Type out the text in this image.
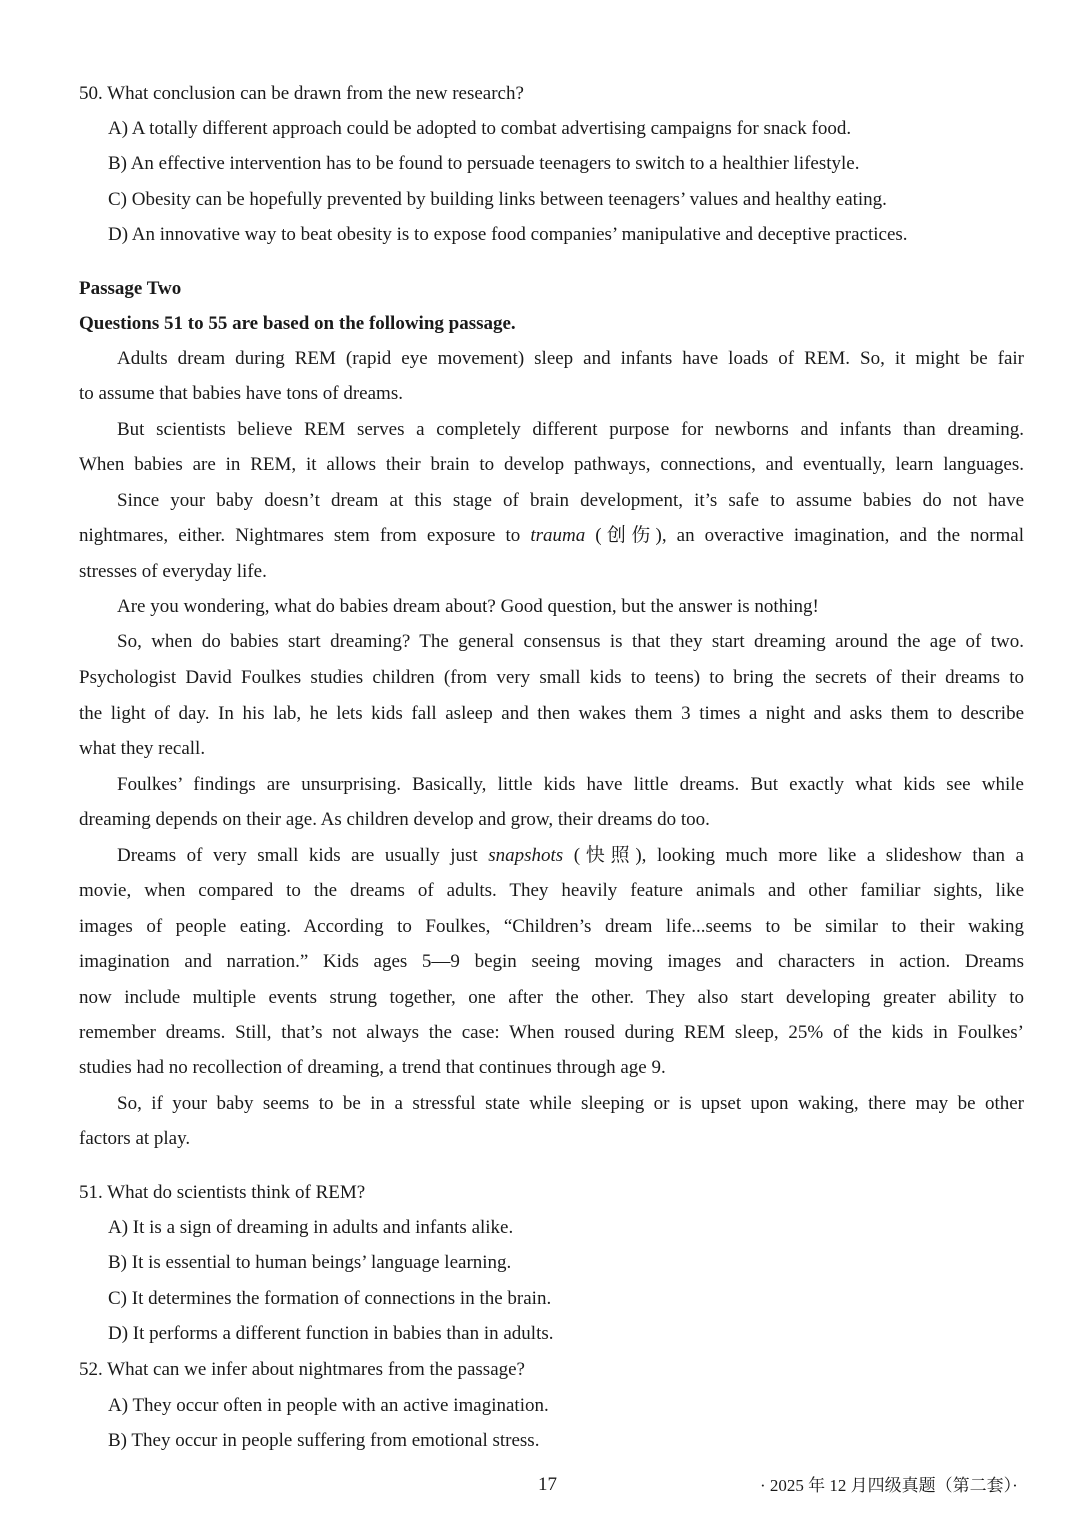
50. What conclusion can be drawn from the new research?
A) A totally different approach could be adopted to combat advertising campaigns for snack food.
B) An effective intervention has to be found to persuade teenagers to switch to a healthier lifestyle.
C) Obesity can be hopefully prevented by building links between teenagers’ values and healthy eating.
D) An innovative way to beat obesity is to expose food companies’ manipulative and deceptive practices.
Passage Two
Questions 51 to 55 are based on the following passage.
Adults dream during REM (rapid eye movement) sleep and infants have loads of REM. So, it might be fair
to assume that babies have tons of dreams.
But scientists believe REM serves a completely different purpose for newborns and infants than dreaming.
When babies are in REM, it allows their brain to develop pathways, connections, and eventually, learn languages.
Since your baby doesn’t dream at this stage of brain development, it’s safe to assume babies do not have
nightmares, either. Nightmares stem from exposure to trauma (创伤), an overactive imagination, and the normal
stresses of everyday life.
Are you wondering, what do babies dream about? Good question, but the answer is nothing!
So, when do babies start dreaming? The general consensus is that they start dreaming around the age of two.
Psychologist David Foulkes studies children (from very small kids to teens) to bring the secrets of their dreams to
the light of day. In his lab, he lets kids fall asleep and then wakes them 3 times a night and asks them to describe
what they recall.
Foulkes’ findings are unsurprising. Basically, little kids have little dreams. But exactly what kids see while
dreaming depends on their age. As children develop and grow, their dreams do too.
Dreams of very small kids are usually just snapshots (快照), looking much more like a slideshow than a
movie, when compared to the dreams of adults. They heavily feature animals and other familiar sights, like
images of people eating. According to Foulkes, “Children’s dream life...seems to be similar to their waking
imagination and narration.” Kids ages 5—9 begin seeing moving images and characters in action. Dreams
now include multiple events strung together, one after the other. They also start developing greater ability to
remember dreams. Still, that’s not always the case: When roused during REM sleep, 25% of the kids in Foulkes’
studies had no recollection of dreaming, a trend that continues through age 9.
So, if your baby seems to be in a stressful state while sleeping or is upset upon waking, there may be other
factors at play.
51. What do scientists think of REM?
A) It is a sign of dreaming in adults and infants alike.
B) It is essential to human beings’ language learning.
C) It determines the formation of connections in the brain.
D) It performs a different function in babies than in adults.
52. What can we infer about nightmares from the passage?
A) They occur often in people with an active imagination.
B) They occur in people suffering from emotional stress.
17	· 2025 年 12 月四级真题（第二套）·
